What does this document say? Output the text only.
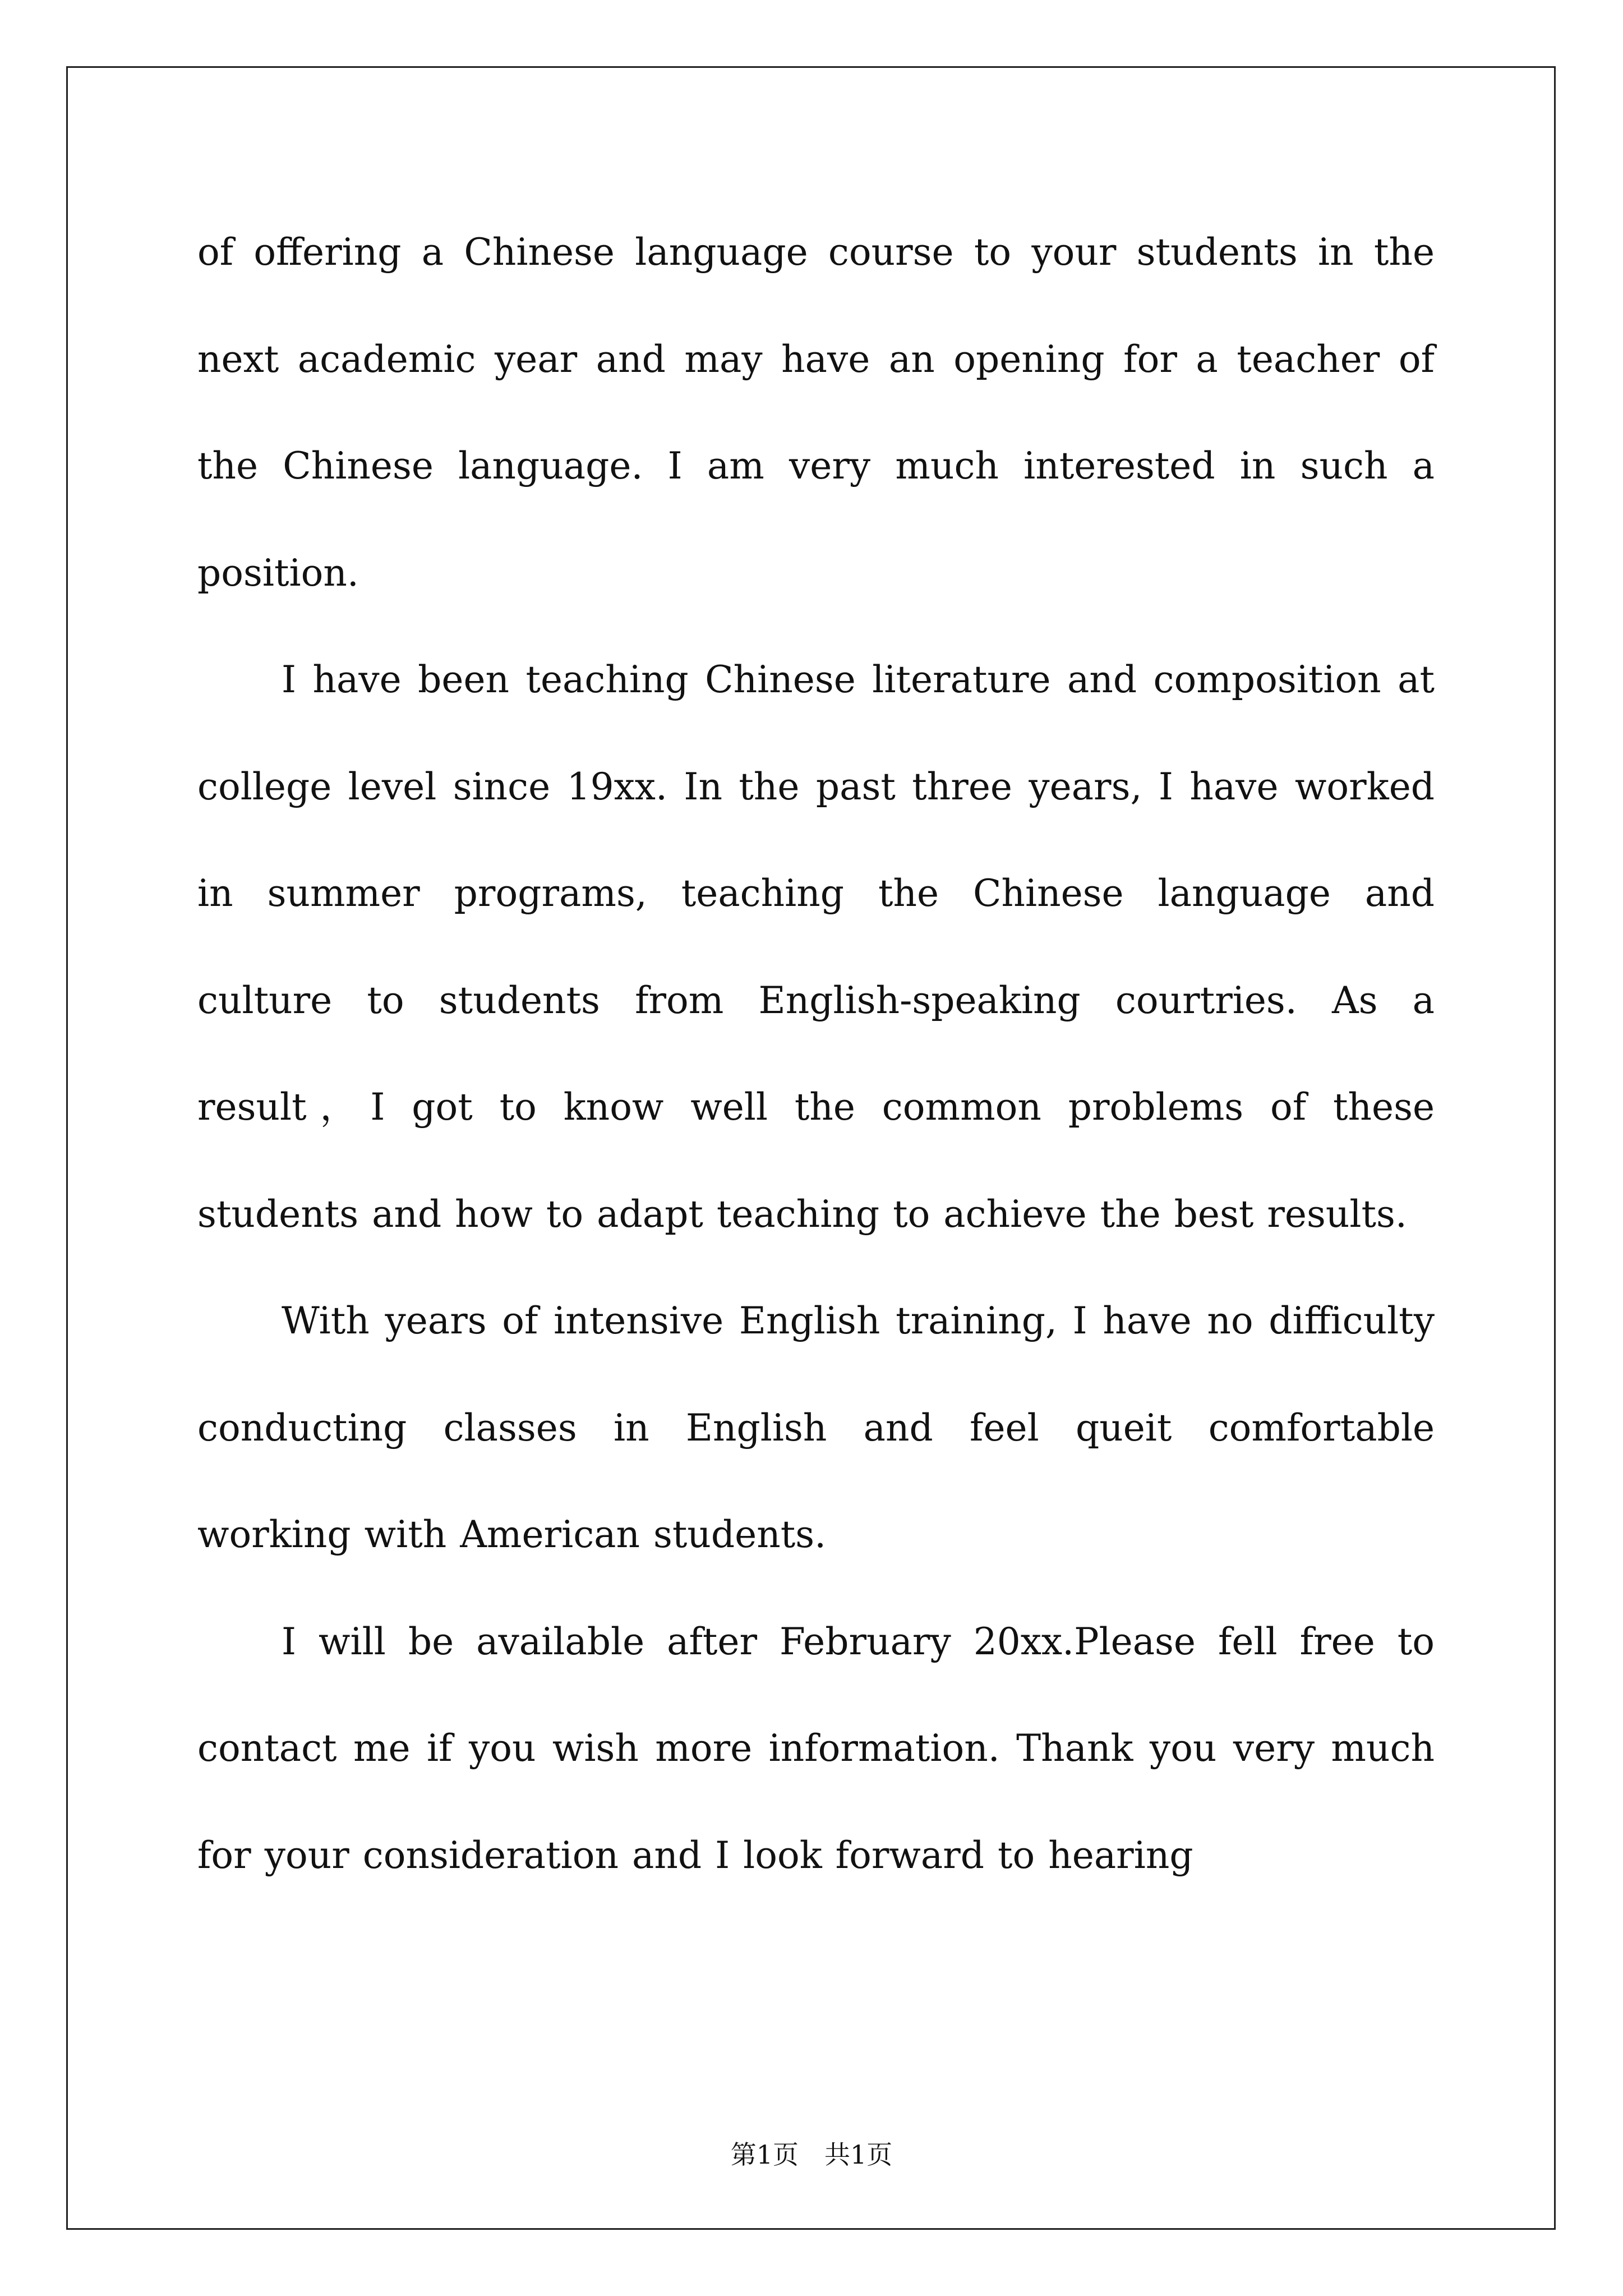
of offering a Chinese language course to your students in the next academic year and may have an opening for a teacher of the Chinese language. I am very much interested in such a position.

I have been teaching Chinese literature and composition at college level since 19xx. In the past three years, I have worked in summer programs, teaching the Chinese language and culture to students from English-speaking courtries. As a result，I got to know well the common problems of these students and how to adapt teaching to achieve the best results.

With years of intensive English training, I have no difficulty conducting classes in English and feel queit comfortable working with American students.

I will be available after February 20xx.Please fell free to contact me if you wish more information. Thank you very much for your consideration and I look forward to hearing

第1页　共1页
